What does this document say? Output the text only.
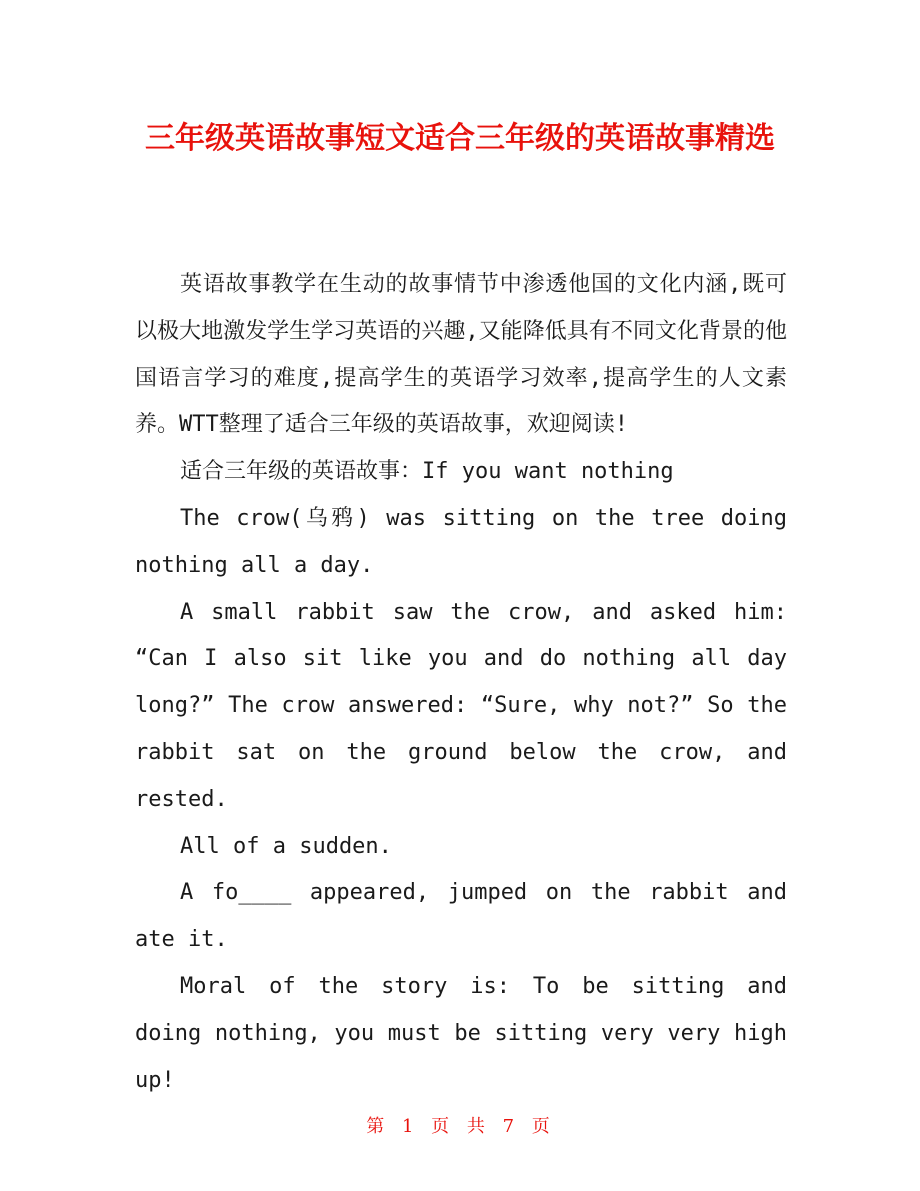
三年级英语故事短文适合三年级的英语故事精选

英语故事教学在生动的故事情节中渗透他国的文化内涵,既可以极大地激发学生学习英语的兴趣,又能降低具有不同文化背景的他国语言学习的难度,提高学生的英语学习效率,提高学生的人文素养。WTT整理了适合三年级的英语故事，欢迎阅读!

适合三年级的英语故事：If you want nothing

The crow(乌鸦) was sitting on the tree doing nothing all a day.

A small rabbit saw the crow, and asked him: “Can I also sit like you and do nothing all day long?” The crow answered: “Sure, why not?” So the rabbit sat on the ground below the crow, and rested.

All of a sudden.

A fo____ appeared, jumped on the rabbit and ate it.

Moral of the story is: To be sitting and doing nothing, you must be sitting very very high up!

第 1 页 共 7 页
